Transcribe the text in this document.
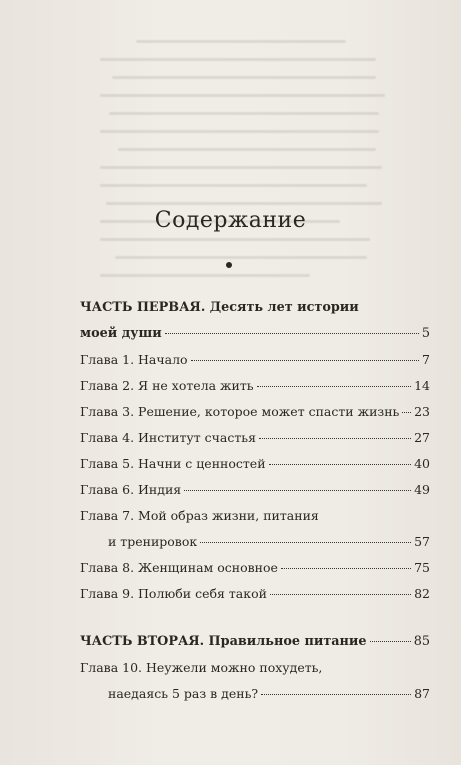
Содержание
ЧАСТЬ ПЕРВАЯ. Десять лет истории
моей души	5
Глава 1. Начало	7
Глава 2. Я не хотела жить	14
Глава 3. Решение, которое может спасти жизнь 23
Глава 4. Институт счастья	27
Глава 5. Начни с ценностей	40
Глава 6. Индия	49
Глава 7. Мой образ жизни, питания
и тренировок	57
Глава 8. Женщинам основное	75
Глава 9. Полюби себя такой	82
ЧАСТЬ ВТОРАЯ. Правильное питание	85
Глава 10. Неужели можно похудеть,
наедаясь 5 раз в день?	87
